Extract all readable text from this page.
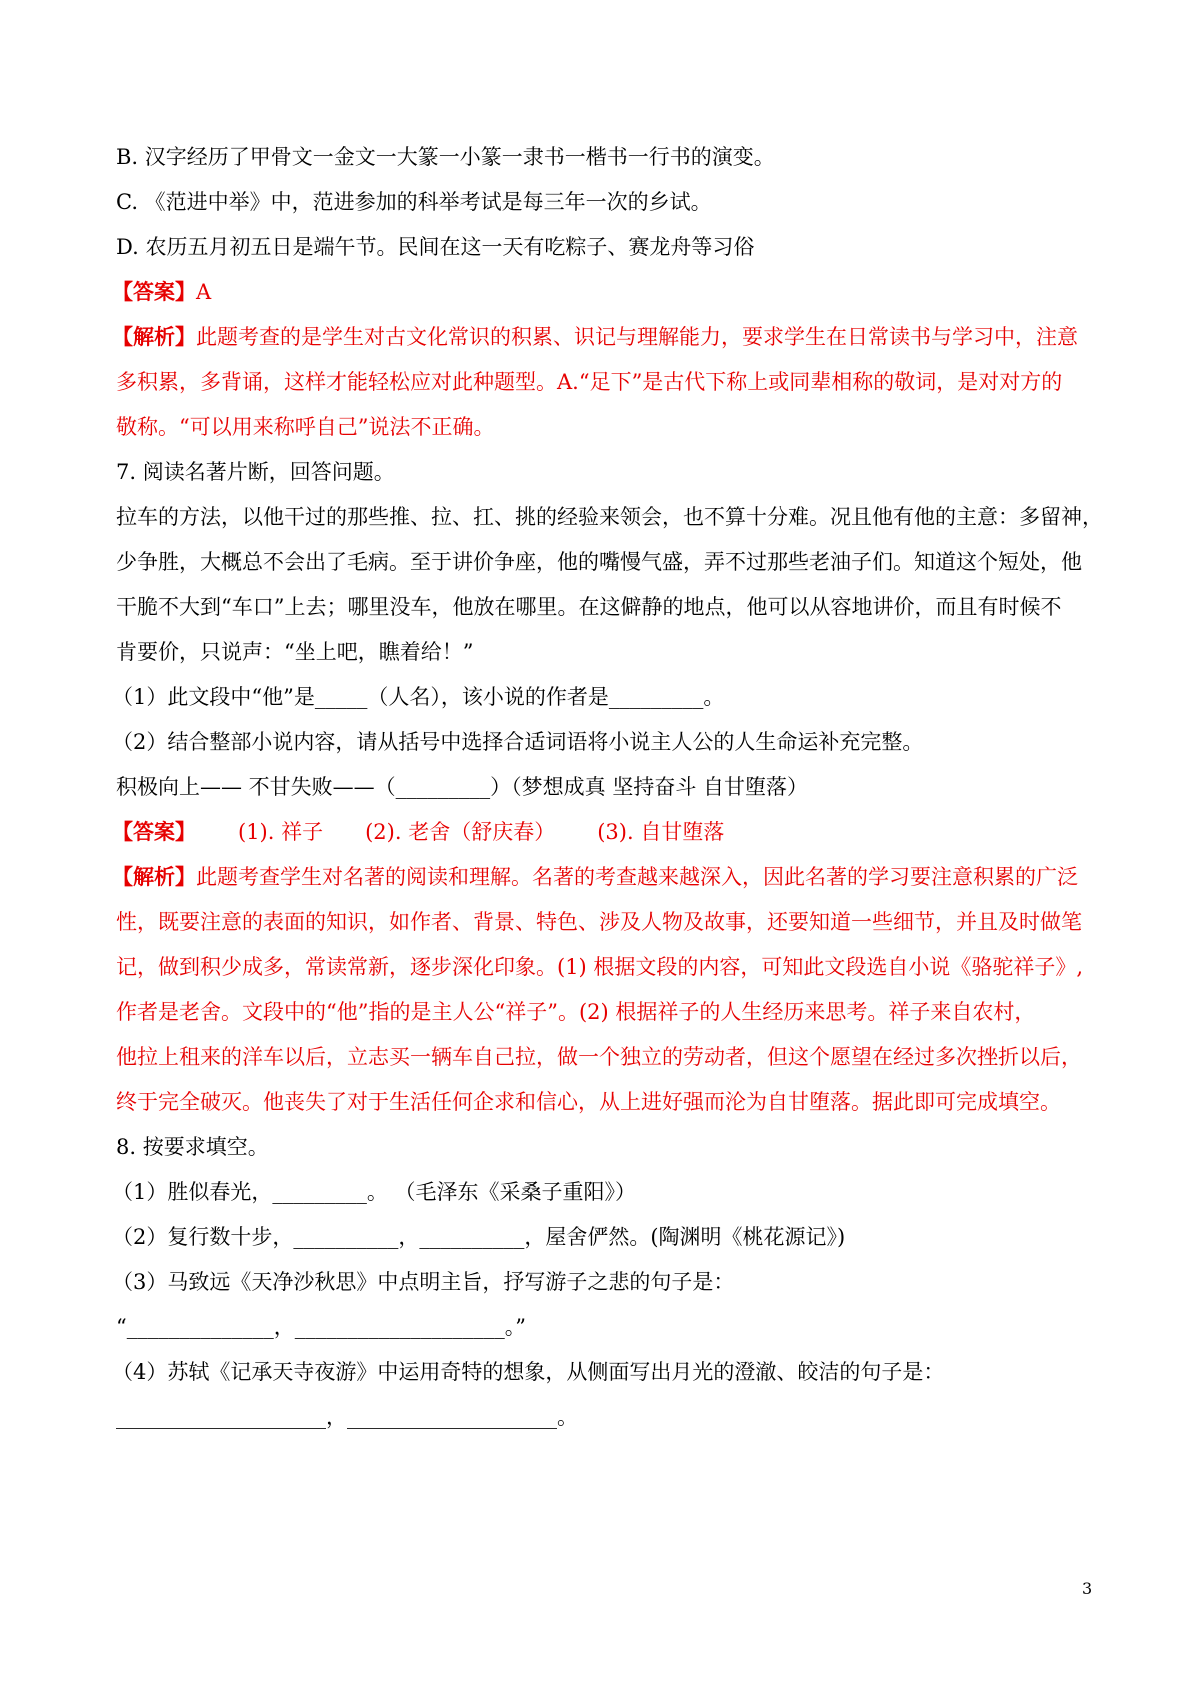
B. 汉字经历了甲骨文一金文一大篆一小篆一隶书一楷书一行书的演变。

C. 《范进中举》中，范进参加的科举考试是每三年一次的乡试。

D. 农历五月初五日是端午节。民间在这一天有吃粽子、赛龙舟等习俗

【答案】A

【解析】此题考查的是学生对古文化常识的积累、识记与理解能力，要求学生在日常读书与学习中，注意

多积累，多背诵，这样才能轻松应对此种题型。A.“足下”是古代下称上或同辈相称的敬词，是对对方的

敬称。“可以用来称呼自己”说法不正确。

7. 阅读名著片断，回答问题。

拉车的方法，以他干过的那些推、拉、扛、挑的经验来领会，也不算十分难。况且他有他的主意：多留神，

少争胜，大概总不会出了毛病。至于讲价争座，他的嘴慢气盛，弄不过那些老油子们。知道这个短处，他

干脆不大到“车口”上去；哪里没车，他放在哪里。在这僻静的地点，他可以从容地讲价，而且有时候不

肯要价，只说声：“坐上吧，瞧着给！”

（1）此文段中“他”是_____（人名），该小说的作者是_________。

（2）结合整部小说内容，请从括号中选择合适词语将小说主人公的人生命运补充完整。

积极向上—— 不甘失败——（_________）（梦想成真 坚持奋斗 自甘堕落）

【答案】 (1). 祥子 (2). 老舍（舒庆春） (3). 自甘堕落

【解析】此题考查学生对名著的阅读和理解。名著的考查越来越深入，因此名著的学习要注意积累的广泛

性，既要注意的表面的知识，如作者、背景、特色、涉及人物及故事，还要知道一些细节，并且及时做笔

记，做到积少成多，常读常新，逐步深化印象。(1) 根据文段的内容，可知此文段选自小说《骆驼祥子》,

作者是老舍。文段中的“他”指的是主人公“祥子”。(2) 根据祥子的人生经历来思考。祥子来自农村，

他拉上租来的洋车以后，立志买一辆车自己拉，做一个独立的劳动者，但这个愿望在经过多次挫折以后，

终于完全破灭。他丧失了对于生活任何企求和信心，从上进好强而沦为自甘堕落。据此即可完成填空。

8. 按要求填空。

（1）胜似春光，_________。 （毛泽东《采桑子重阳》）

（2）复行数十步，__________，__________，屋舍俨然。(陶渊明《桃花源记》)

（3）马致远《天净沙秋思》中点明主旨，抒写游子之悲的句子是：

“______________，____________________。”

（4）苏轼《记承天寺夜游》中运用奇特的想象，从侧面写出月光的澄澈、皎洁的句子是：

____________________，____________________。

3
